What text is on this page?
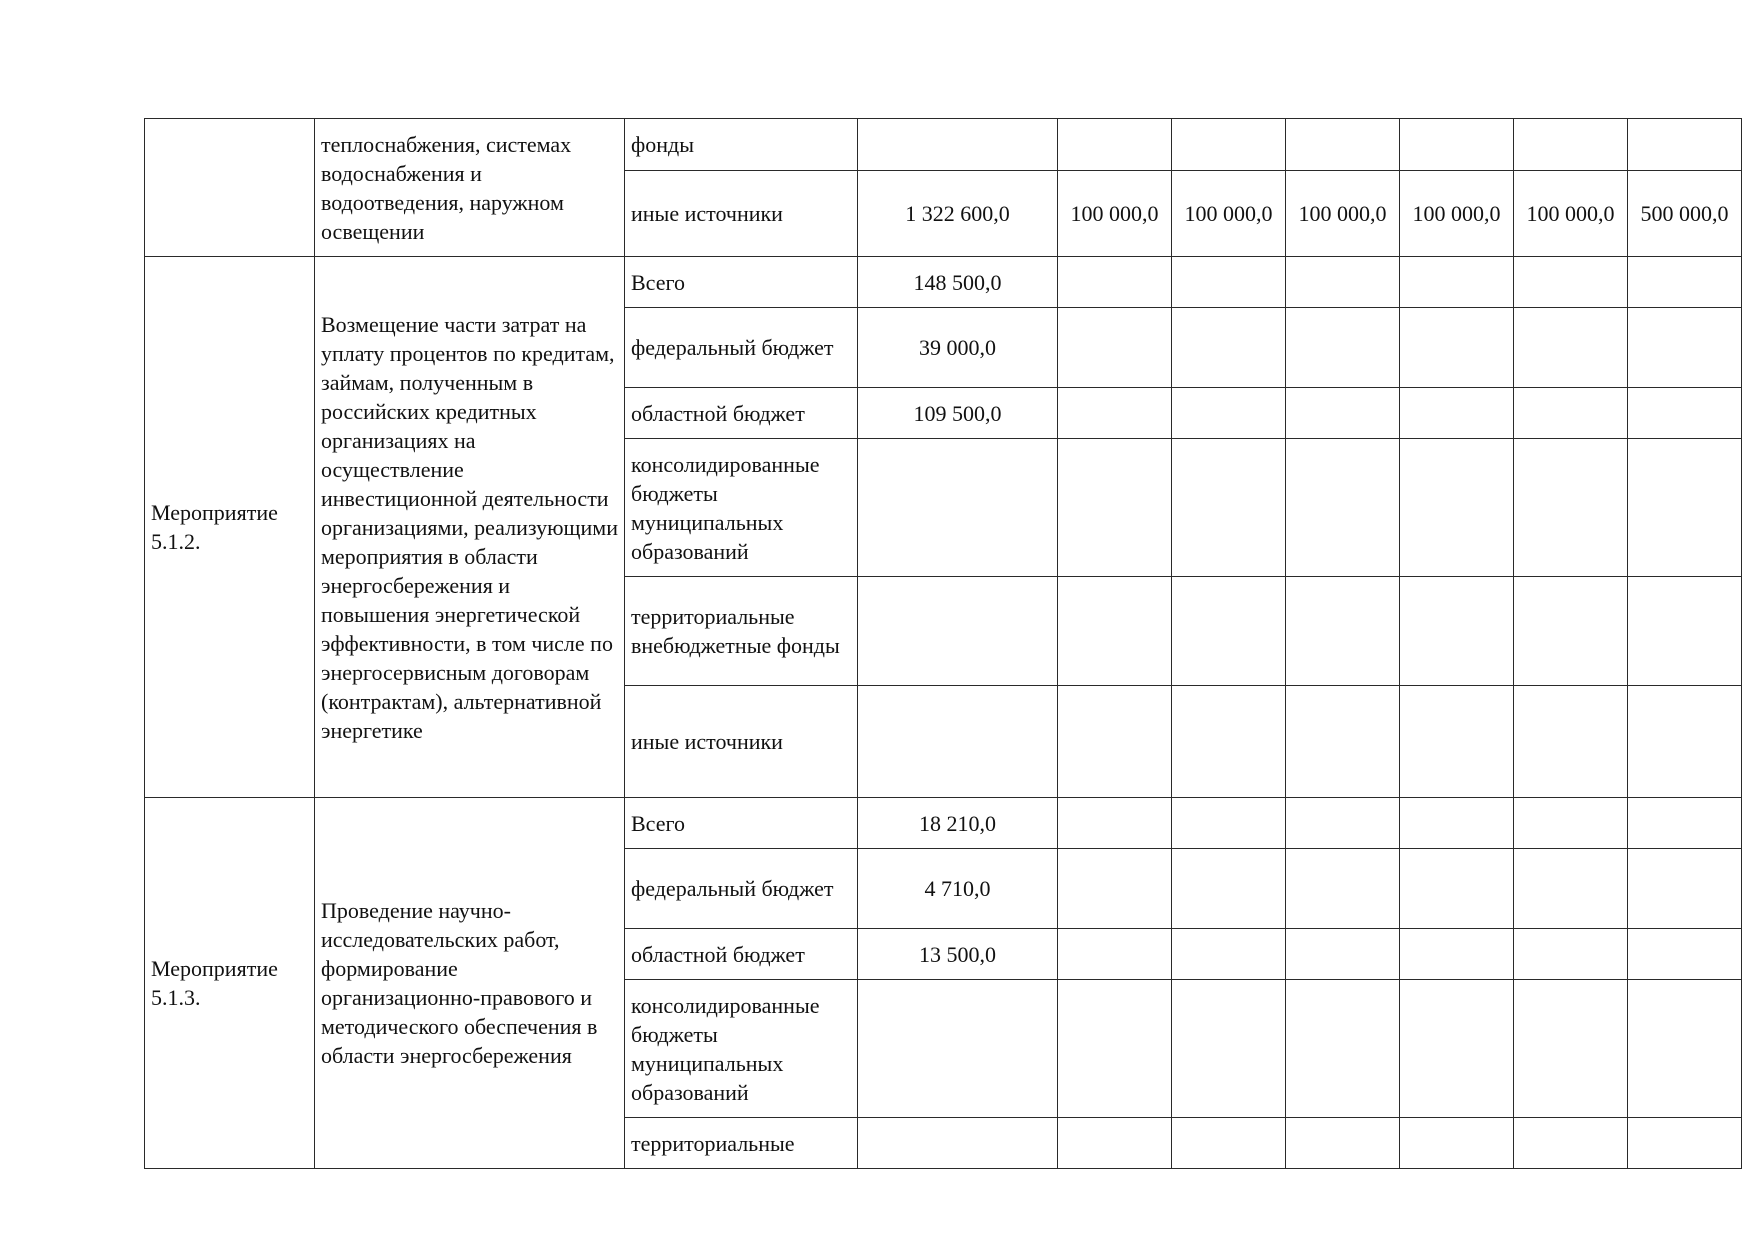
	теплоснабжения, системах водоснабжения и водоотведения, наружном освещении	фонды							
		иные источники	1 322 600,0	100 000,0	100 000,0	100 000,0	100 000,0	100 000,0	500 000,0
Мероприятие 5.1.2.	Возмещение части затрат на уплату процентов по кредитам, займам, полученным в российских кредитных организациях на осуществление инвестиционной деятельности организациями, реализующими мероприятия в области энергосбережения и повышения энергетической эффективности, в том числе по энергосервисным договорам (контрактам), альтернативной энергетике	Всего	148 500,0						
		федеральный бюджет	39 000,0						
		областной бюджет	109 500,0						
		консолидированные бюджеты муниципальных образований							
		территориальные внебюджетные фонды							
		иные источники							
Мероприятие 5.1.3.	Проведение научно-исследовательских работ, формирование организационно-правового и методического обеспечения в области энергосбережения	Всего	18 210,0						
		федеральный бюджет	4 710,0						
		областной бюджет	13 500,0						
		консолидированные бюджеты муниципальных образований							
		территориальные							
